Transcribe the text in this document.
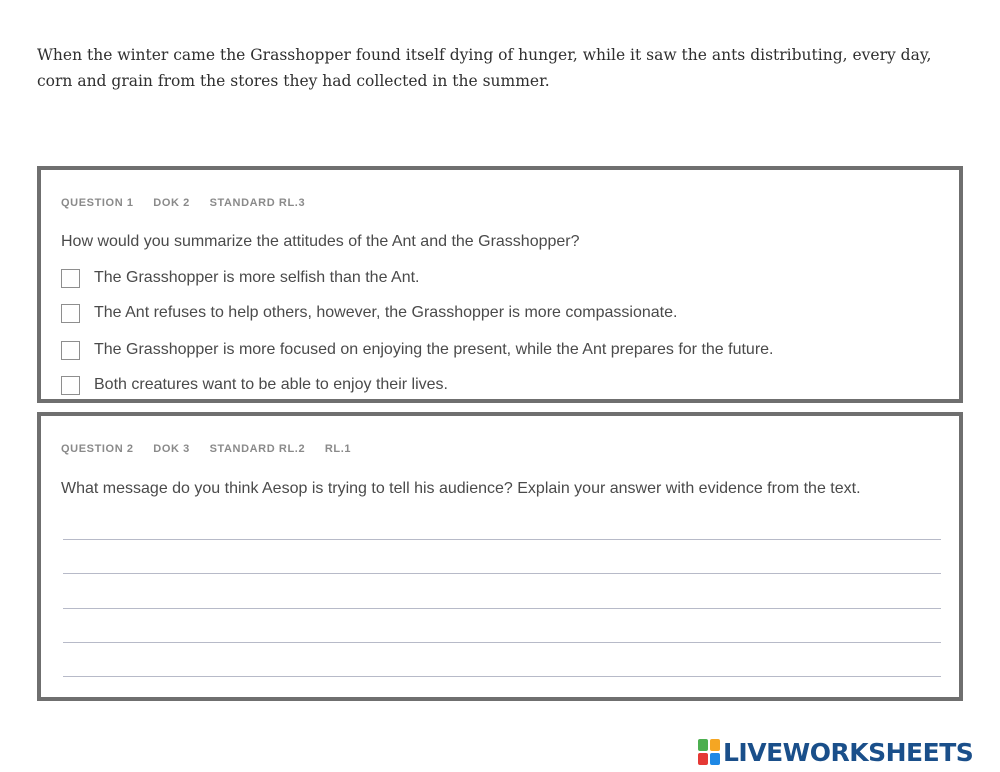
When the winter came the Grasshopper found itself dying of hunger, while it saw the ants distributing, every day, corn and grain from the stores they had collected in the summer.
QUESTION 1 DOK 2 STANDARD RL.3
How would you summarize the attitudes of the Ant and the Grasshopper?
The Grasshopper is more selfish than the Ant.
The Ant refuses to help others, however, the Grasshopper is more compassionate.
The Grasshopper is more focused on enjoying the present, while the Ant prepares for the future.
Both creatures want to be able to enjoy their lives.
QUESTION 2 DOK 3 STANDARD RL.2 RL.1
What message do you think Aesop is trying to tell his audience? Explain your answer with evidence from the text.
LIVEWORKSHEETS
